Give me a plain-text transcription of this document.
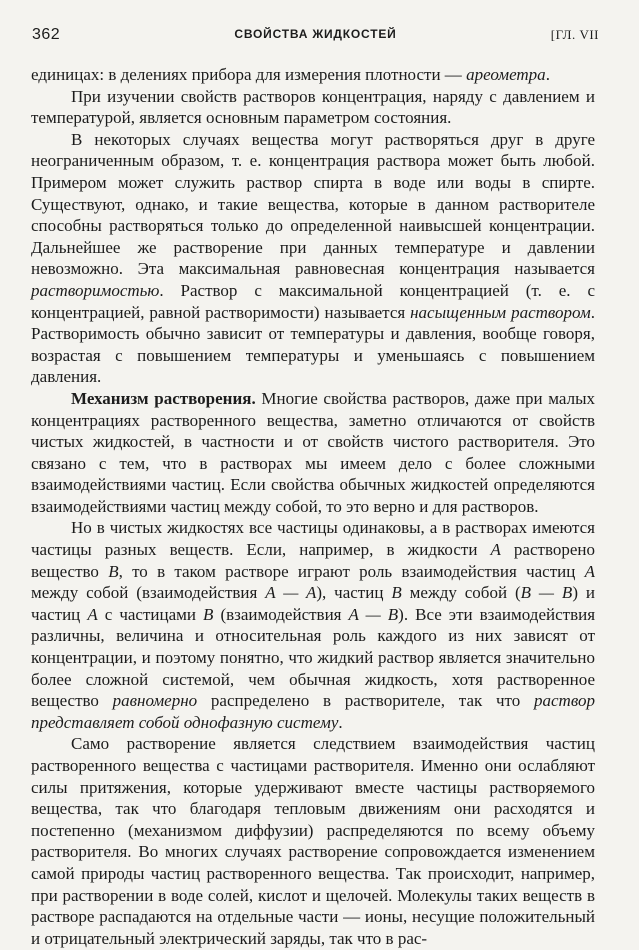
362	СВОЙСТВА ЖИДКОСТЕЙ	[ГЛ. VII

единицах: в делениях прибора для измерения плотности — ареометра.

При изучении свойств растворов концентрация, наряду с давлением и температурой, является основным параметром состояния.

В некоторых случаях вещества могут растворяться друг в друге неограниченным образом, т. е. концентрация раствора может быть любой. Примером может служить раствор спирта в воде или воды в спирте. Существуют, однако, и такие вещества, которые в данном растворителе способны растворяться только до определенной наивысшей концентрации. Дальнейшее же растворение при данных температуре и давлении невозможно. Эта максимальная равновесная концентрация называется растворимостью. Раствор с максимальной концентрацией (т. е. с концентрацией, равной растворимости) называется насыщенным раствором. Растворимость обычно зависит от температуры и давления, вообще говоря, возрастая с повышением температуры и уменьшаясь с повышением давления.

Механизм растворения. Многие свойства растворов, даже при малых концентрациях растворенного вещества, заметно отличаются от свойств чистых жидкостей, в частности и от свойств чистого растворителя. Это связано с тем, что в растворах мы имеем дело с более сложными взаимодействиями частиц. Если свойства обычных жидкостей определяются взаимодействиями частиц между собой, то это верно и для растворов.

Но в чистых жидкостях все частицы одинаковы, а в растворах имеются частицы разных веществ. Если, например, в жидкости A растворено вещество B, то в таком растворе играют роль взаимодействия частиц A между собой (взаимодействия A — A), частиц B между собой (B — B) и частиц A с частицами B (взаимодействия A — B). Все эти взаимодействия различны, величина и относительная роль каждого из них зависят от концентрации, и поэтому понятно, что жидкий раствор является значительно более сложной системой, чем обычная жидкость, хотя растворенное вещество равномерно распределено в растворителе, так что раствор представляет собой однофазную систему.

Само растворение является следствием взаимодействия частиц растворенного вещества с частицами растворителя. Именно они ослабляют силы притяжения, которые удерживают вместе частицы растворяемого вещества, так что благодаря тепловым движениям они расходятся и постепенно (механизмом диффузии) распределяются по всему объему растворителя. Во многих случаях растворение сопровождается изменением самой природы частиц растворенного вещества. Так происходит, например, при растворении в воде солей, кислот и щелочей. Молекулы таких веществ в растворе распадаются на отдельные части — ионы, несущие положительный и отрицательный электрический заряды, так что в рас-
